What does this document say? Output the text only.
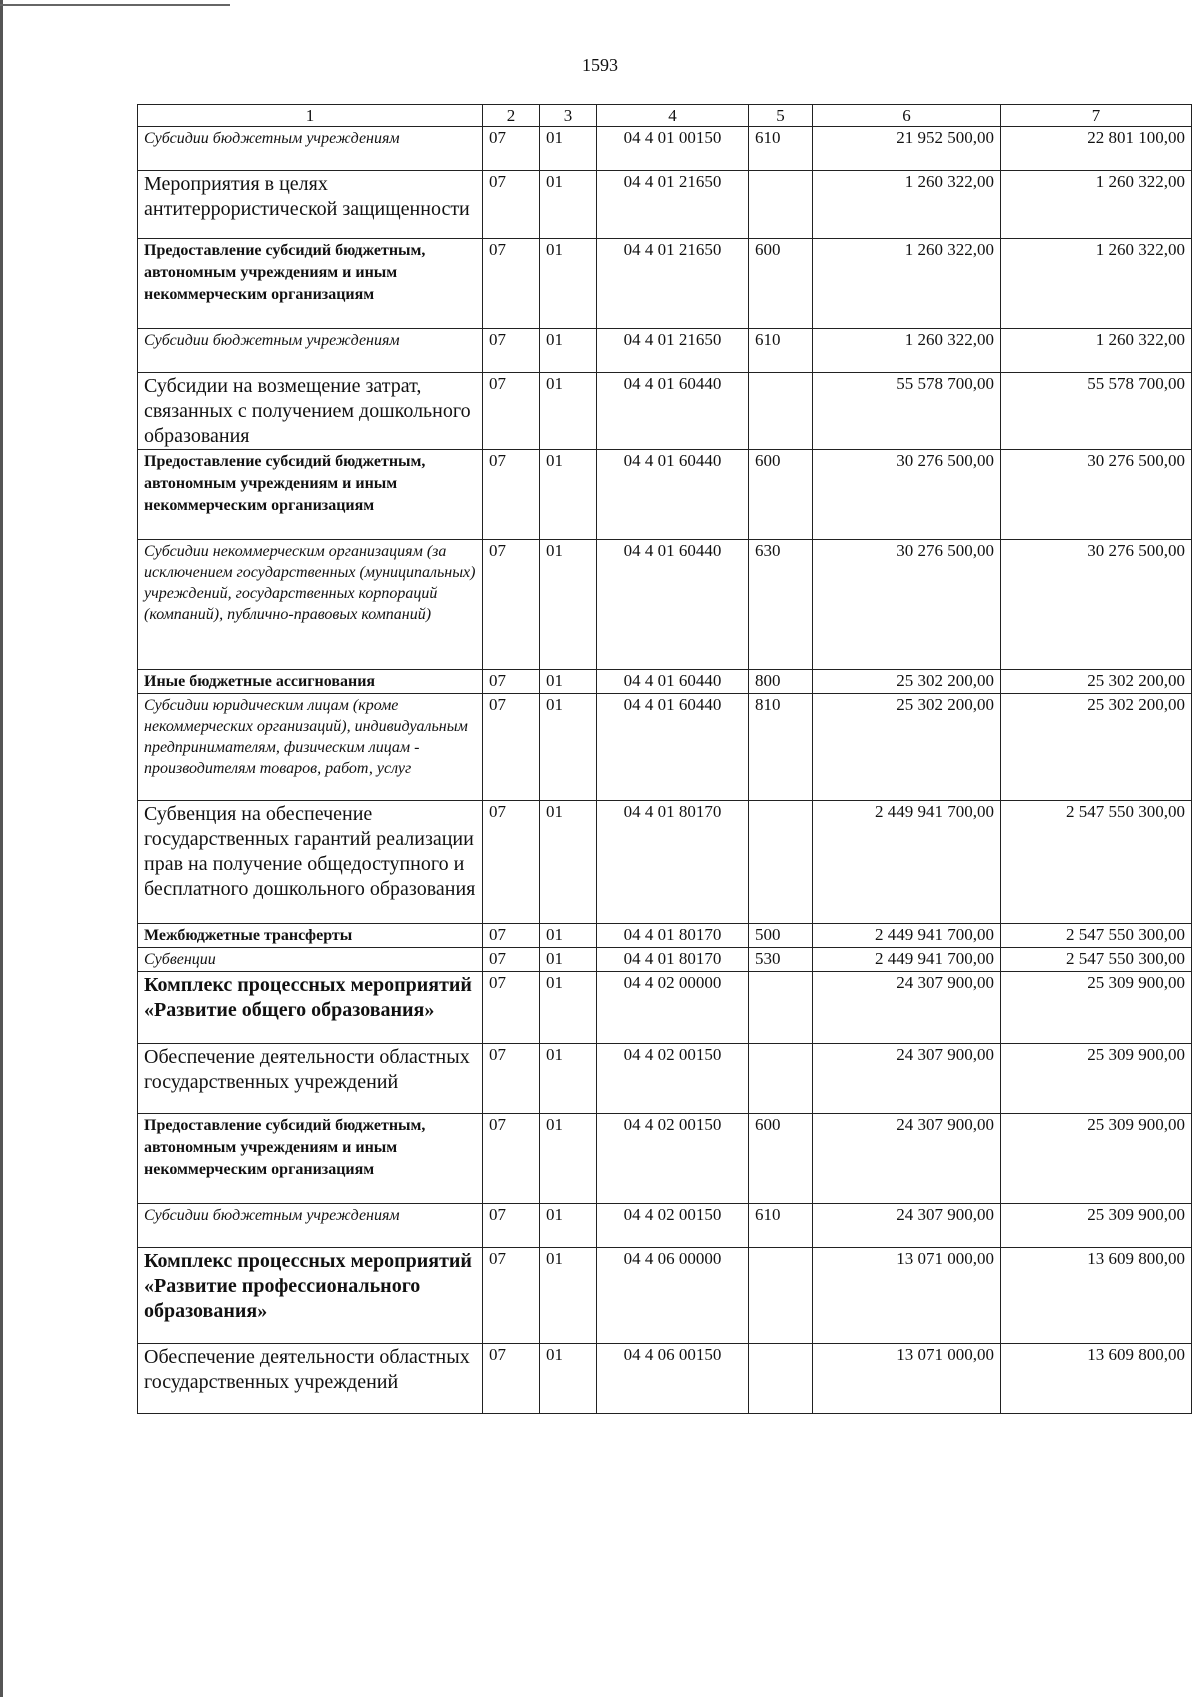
1593
1	2	3	4	5	6	7
Субсидии бюджетным учреждениям	07	01	04 4 01 00150	610	21 952 500,00	22 801 100,00
Мероприятия в целях антитеррористической защищенности	07	01	04 4 01 21650		1 260 322,00	1 260 322,00
Предоставление субсидий бюджетным, автономным учреждениям и иным некоммерческим организациям	07	01	04 4 01 21650	600	1 260 322,00	1 260 322,00
Субсидии бюджетным учреждениям	07	01	04 4 01 21650	610	1 260 322,00	1 260 322,00
Субсидии на возмещение затрат, связанных с получением дошкольного образования	07	01	04 4 01 60440		55 578 700,00	55 578 700,00
Предоставление субсидий бюджетным, автономным учреждениям и иным некоммерческим организациям	07	01	04 4 01 60440	600	30 276 500,00	30 276 500,00
Субсидии некоммерческим организациям (за исключением государственных (муниципальных) учреждений, государственных корпораций (компаний), публично-правовых компаний)	07	01	04 4 01 60440	630	30 276 500,00	30 276 500,00
Иные бюджетные ассигнования	07	01	04 4 01 60440	800	25 302 200,00	25 302 200,00
Субсидии юридическим лицам (кроме некоммерческих организаций), индивидуальным предпринимателям, физическим лицам - производителям товаров, работ, услуг	07	01	04 4 01 60440	810	25 302 200,00	25 302 200,00
Субвенция на обеспечение государственных гарантий реализации прав на получение общедоступного и бесплатного дошкольного образования	07	01	04 4 01 80170		2 449 941 700,00	2 547 550 300,00
Межбюджетные трансферты	07	01	04 4 01 80170	500	2 449 941 700,00	2 547 550 300,00
Субвенции	07	01	04 4 01 80170	530	2 449 941 700,00	2 547 550 300,00
Комплекс процессных мероприятий «Развитие общего образования»	07	01	04 4 02 00000		24 307 900,00	25 309 900,00
Обеспечение деятельности областных государственных учреждений	07	01	04 4 02 00150		24 307 900,00	25 309 900,00
Предоставление субсидий бюджетным, автономным учреждениям и иным некоммерческим организациям	07	01	04 4 02 00150	600	24 307 900,00	25 309 900,00
Субсидии бюджетным учреждениям	07	01	04 4 02 00150	610	24 307 900,00	25 309 900,00
Комплекс процессных мероприятий «Развитие профессионального образования»	07	01	04 4 06 00000		13 071 000,00	13 609 800,00
Обеспечение деятельности областных государственных учреждений	07	01	04 4 06 00150		13 071 000,00	13 609 800,00
